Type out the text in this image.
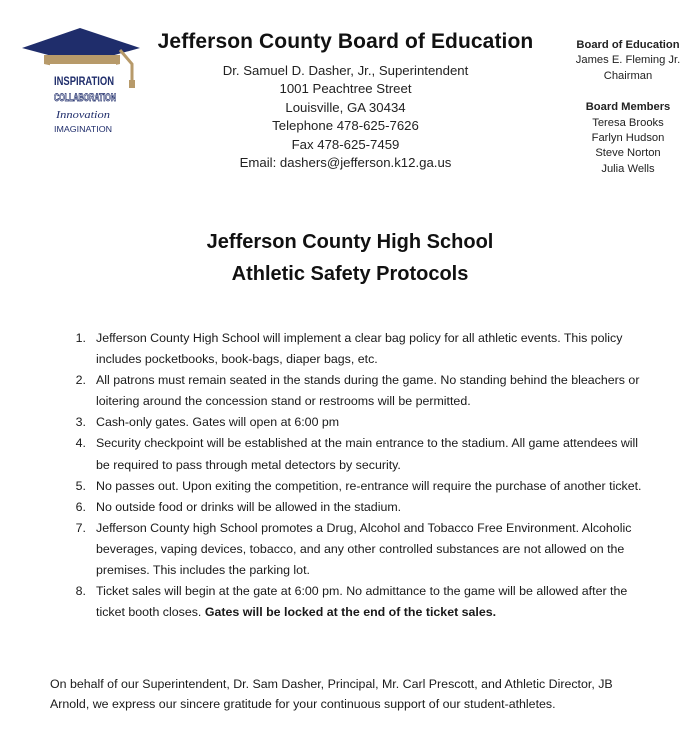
INSPIRATION
COLLABORATION
Innovation
IMAGINATION
Jefferson County Board of Education
Dr. Samuel D. Dasher, Jr., Superintendent
1001 Peachtree Street
Louisville, GA 30434
Telephone 478-625-7626
Fax 478-625-7459
Email: dashers@jefferson.k12.ga.us
Board of Education
James E. Fleming Jr.
Chairman
Board Members
Teresa Brooks
Farlyn Hudson
Steve Norton
Julia Wells
Jefferson County High School
Athletic Safety Protocols
1. Jefferson County High School will implement a clear bag policy for all athletic events. This policy includes pocketbooks, book-bags, diaper bags, etc.
2. All patrons must remain seated in the stands during the game. No standing behind the bleachers or loitering around the concession stand or restrooms will be permitted.
3. Cash-only gates. Gates will open at 6:00 pm
4. Security checkpoint will be established at the main entrance to the stadium. All game attendees will be required to pass through metal detectors by security.
5. No passes out. Upon exiting the competition, re-entrance will require the purchase of another ticket.
6. No outside food or drinks will be allowed in the stadium.
7. Jefferson County high School promotes a Drug, Alcohol and Tobacco Free Environment. Alcoholic beverages, vaping devices, tobacco, and any other controlled substances are not allowed on the premises. This includes the parking lot.
8. Ticket sales will begin at the gate at 6:00 pm. No admittance to the game will be allowed after the ticket booth closes. Gates will be locked at the end of the ticket sales.
On behalf of our Superintendent, Dr. Sam Dasher, Principal, Mr. Carl Prescott, and Athletic Director, JB Arnold, we express our sincere gratitude for your continuous support of our student-athletes.
